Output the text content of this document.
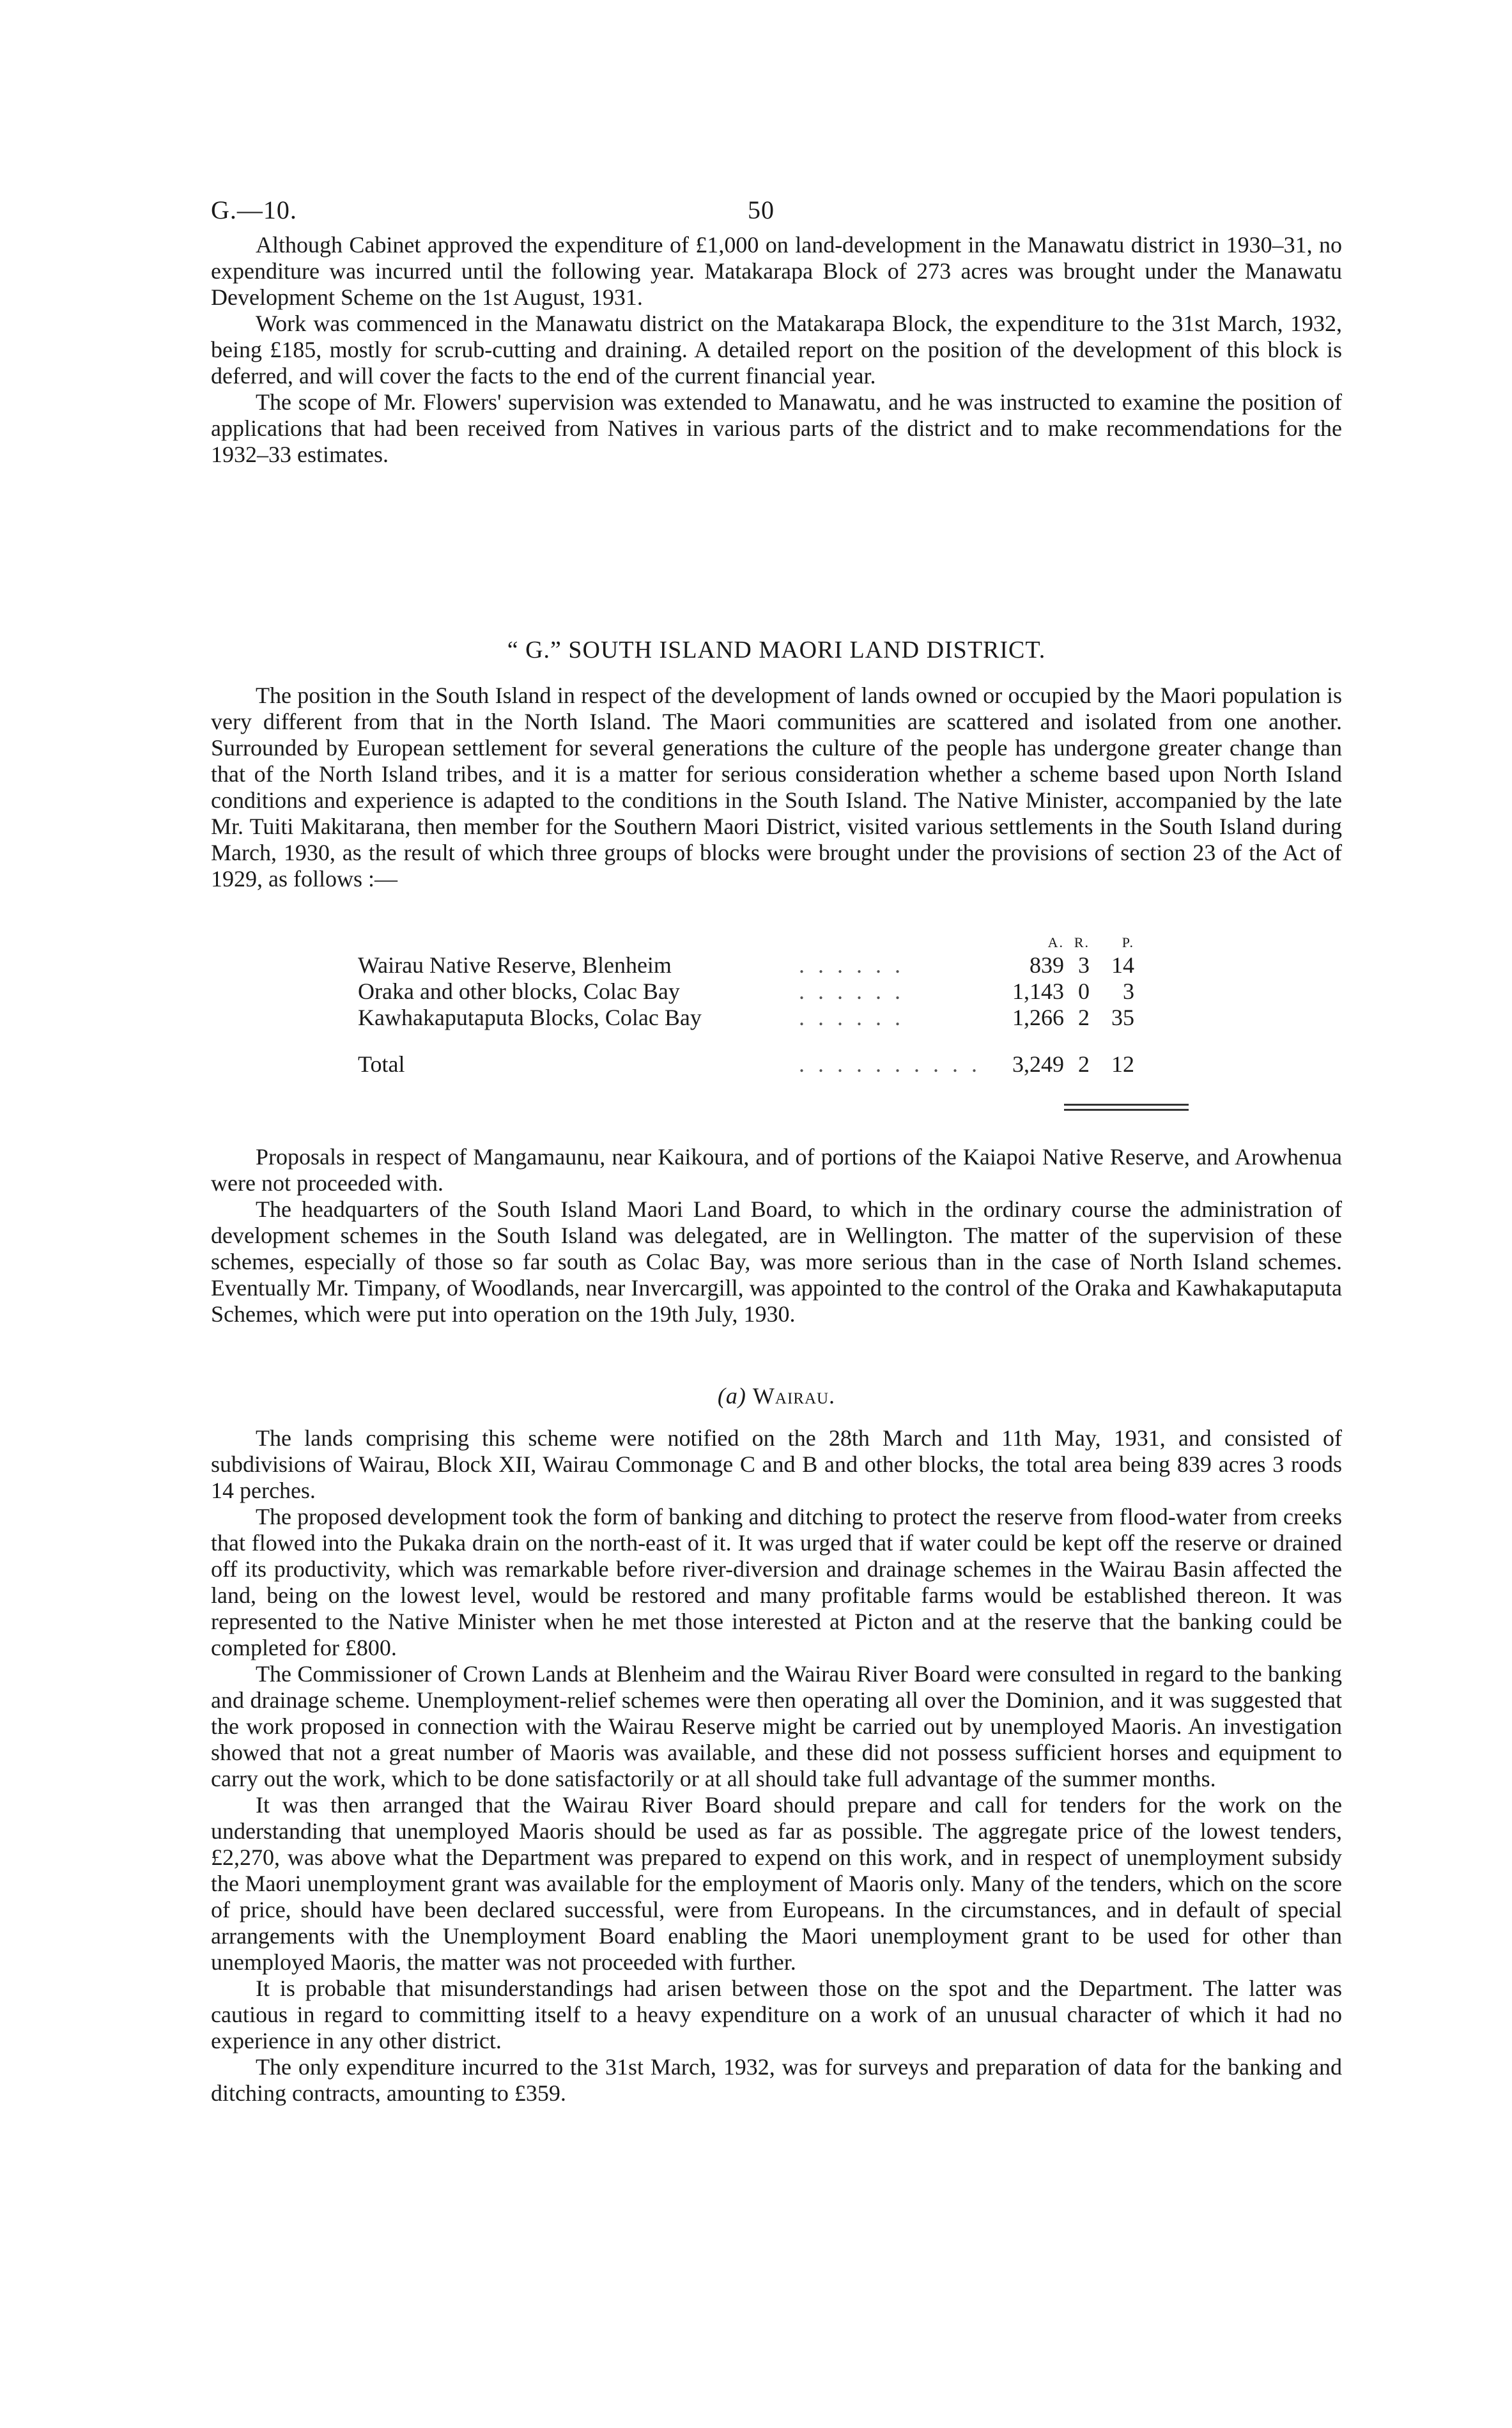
G.—10.	50

Although Cabinet approved the expenditure of £1,000 on land-development in the Manawatu district in 1930–31, no expenditure was incurred until the following year. Matakarapa Block of 273 acres was brought under the Manawatu Development Scheme on the 1st August, 1931.

Work was commenced in the Manawatu district on the Matakarapa Block, the expenditure to the 31st March, 1932, being £185, mostly for scrub-cutting and draining. A detailed report on the position of the development of this block is deferred, and will cover the facts to the end of the current financial year.

The scope of Mr. Flowers' supervision was extended to Manawatu, and he was instructed to examine the position of applications that had been received from Natives in various parts of the district and to make recommendations for the 1932–33 estimates.

“ G.” SOUTH ISLAND MAORI LAND DISTRICT.

The position in the South Island in respect of the development of lands owned or occupied by the Maori population is very different from that in the North Island. The Maori communities are scattered and isolated from one another. Surrounded by European settlement for several generations the culture of the people has undergone greater change than that of the North Island tribes, and it is a matter for serious consideration whether a scheme based upon North Island conditions and experience is adapted to the conditions in the South Island. The Native Minister, accompanied by the late Mr. Tuiti Makitarana, then member for the Southern Maori District, visited various settlements in the South Island during March, 1930, as the result of which three groups of blocks were brought under the provisions of section 23 of the Act of 1929, as follows :—

		A.	R.	P.
Wairau Native Reserve, Blenheim	. . . . . .	839	3	14
Oraka and other blocks, Colac Bay	. . . . . .	1,143	0	3
Kawhakaputaputa Blocks, Colac Bay	. . . . . .	1,266	2	35
Total	. . . . . . . . . .	3,249	2	12

Proposals in respect of Mangamaunu, near Kaikoura, and of portions of the Kaiapoi Native Reserve, and Arowhenua were not proceeded with.

The headquarters of the South Island Maori Land Board, to which in the ordinary course the administration of development schemes in the South Island was delegated, are in Wellington. The matter of the supervision of these schemes, especially of those so far south as Colac Bay, was more serious than in the case of North Island schemes. Eventually Mr. Timpany, of Woodlands, near Invercargill, was appointed to the control of the Oraka and Kawhakaputaputa Schemes, which were put into operation on the 19th July, 1930.

(a) Wairau.

The lands comprising this scheme were notified on the 28th March and 11th May, 1931, and consisted of subdivisions of Wairau, Block XII, Wairau Commonage C and B and other blocks, the total area being 839 acres 3 roods 14 perches.

The proposed development took the form of banking and ditching to protect the reserve from flood-water from creeks that flowed into the Pukaka drain on the north-east of it. It was urged that if water could be kept off the reserve or drained off its productivity, which was remarkable before river-diversion and drainage schemes in the Wairau Basin affected the land, being on the lowest level, would be restored and many profitable farms would be established thereon. It was represented to the Native Minister when he met those interested at Picton and at the reserve that the banking could be completed for £800.

The Commissioner of Crown Lands at Blenheim and the Wairau River Board were consulted in regard to the banking and drainage scheme. Unemployment-relief schemes were then operating all over the Dominion, and it was suggested that the work proposed in connection with the Wairau Reserve might be carried out by unemployed Maoris. An investigation showed that not a great number of Maoris was available, and these did not possess sufficient horses and equipment to carry out the work, which to be done satisfactorily or at all should take full advantage of the summer months.

It was then arranged that the Wairau River Board should prepare and call for tenders for the work on the understanding that unemployed Maoris should be used as far as possible. The aggregate price of the lowest tenders, £2,270, was above what the Department was prepared to expend on this work, and in respect of unemployment subsidy the Maori unemployment grant was available for the employment of Maoris only. Many of the tenders, which on the score of price, should have been declared successful, were from Europeans. In the circumstances, and in default of special arrangements with the Unemployment Board enabling the Maori unemployment grant to be used for other than unemployed Maoris, the matter was not proceeded with further.

It is probable that misunderstandings had arisen between those on the spot and the Department. The latter was cautious in regard to committing itself to a heavy expenditure on a work of an unusual character of which it had no experience in any other district.

The only expenditure incurred to the 31st March, 1932, was for surveys and preparation of data for the banking and ditching contracts, amounting to £359.
